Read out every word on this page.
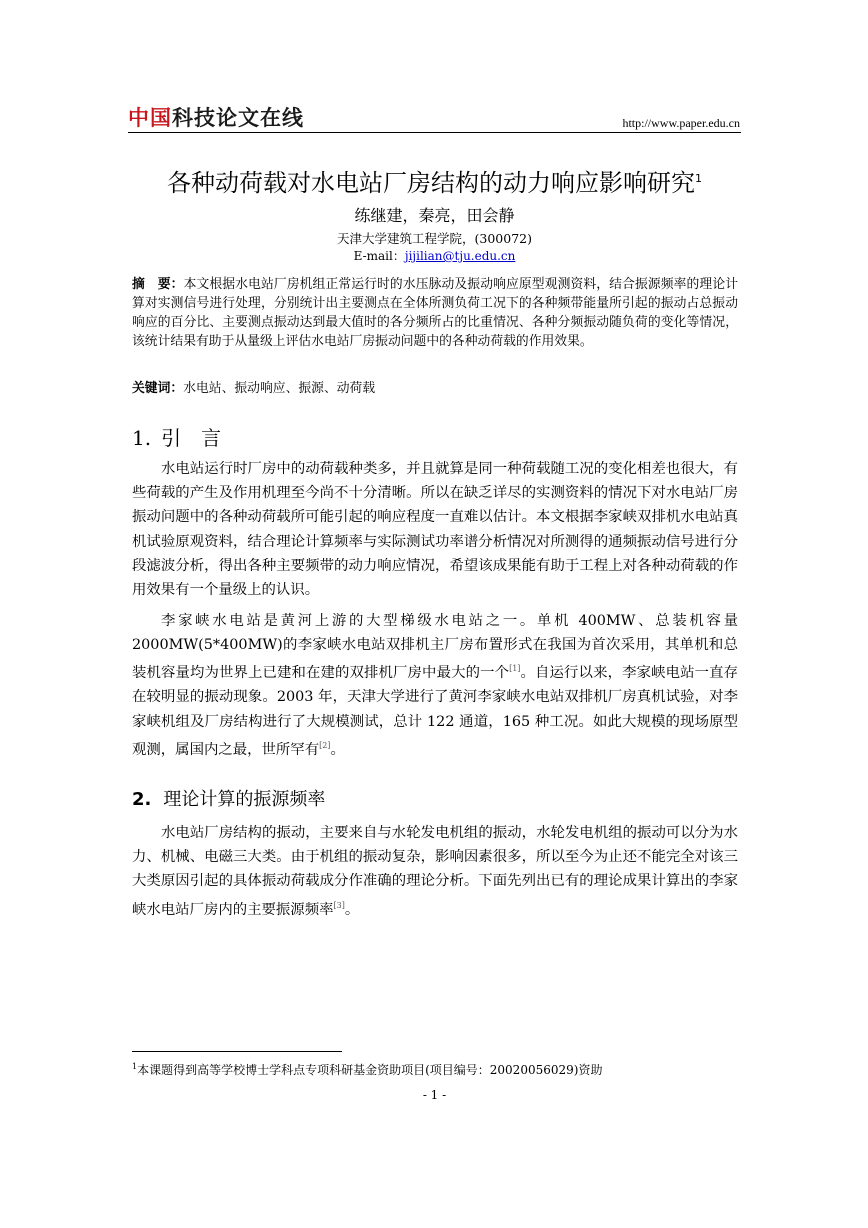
中国科技论文在线	http://www.paper.edu.cn
各种动荷载对水电站厂房结构的动力响应影响研究$^1$
练继建，秦亮，田会静
天津大学建筑工程学院，(300072)
E-mail：jijilian@tju.edu.cn
摘　要：本文根据水电站厂房机组正常运行时的水压脉动及振动响应原型观测资料，结合振源频率的理论计算对实测信号进行处理，分别统计出主要测点在全体所测负荷工况下的各种频带能量所引起的振动占总振动响应的百分比、主要测点振动达到最大值时的各分频所占的比重情况、各种分频振动随负荷的变化等情况，该统计结果有助于从量级上评估水电站厂房振动问题中的各种动荷载的作用效果。
关键词：水电站、振动响应、振源、动荷载
1. 引　言

水电站运行时厂房中的动荷载种类多，并且就算是同一种荷载随工况的变化相差也很大，有些荷载的产生及作用机理至今尚不十分清晰。所以在缺乏详尽的实测资料的情况下对水电站厂房振动问题中的各种动荷载所可能引起的响应程度一直难以估计。本文根据李家峡双排机水电站真机试验原观资料，结合理论计算频率与实际测试功率谱分析情况对所测得的通频振动信号进行分段滤波分析，得出各种主要频带的动力响应情况，希望该成果能有助于工程上对各种动荷载的作用效果有一个量级上的认识。

李家峡水电站是黄河上游的大型梯级水电站之一。单机 400MW、总装机容量2000MW(5*400MW)的李家峡水电站双排机主厂房布置形式在我国为首次采用，其单机和总装机容量均为世界上已建和在建的双排机厂房中最大的一个[1]。自运行以来，李家峡电站一直存在较明显的振动现象。2003 年，天津大学进行了黄河李家峡水电站双排机厂房真机试验，对李家峡机组及厂房结构进行了大规模测试，总计 122 通道，165 种工况。如此大规模的现场原型观测，属国内之最，世所罕有[2]。

2. 理论计算的振源频率

水电站厂房结构的振动，主要来自与水轮发电机组的振动，水轮发电机组的振动可以分为水力、机械、电磁三大类。由于机组的振动复杂，影响因素很多，所以至今为止还不能完全对该三大类原因引起的具体振动荷载成分作准确的理论分析。下面先列出已有的理论成果计算出的李家峡水电站厂房内的主要振源频率[3]。

$^1$本课题得到高等学校博士学科点专项科研基金资助项目(项目编号：20020056029)资助
- 1 -
